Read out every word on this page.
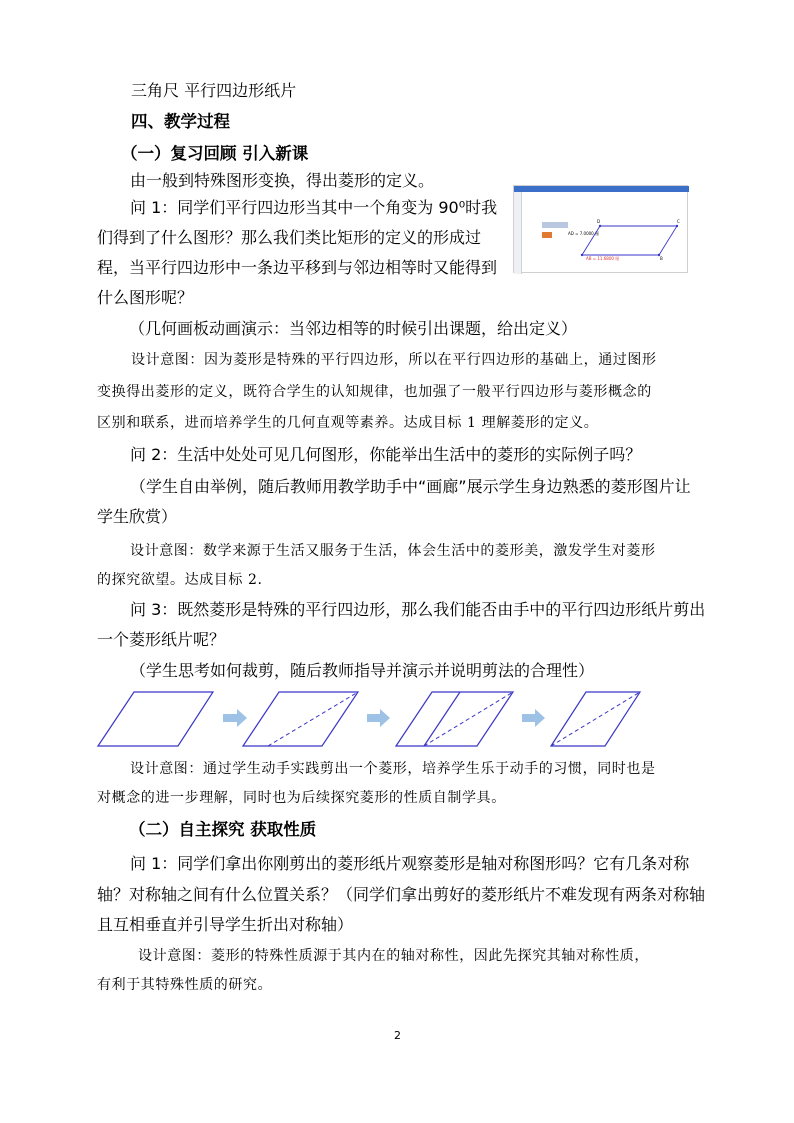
三角尺 平行四边形纸片
四、教学过程
（一）复习回顾 引入新课
由一般到特殊图形变换，得出菱形的定义。
问 1：同学们平行四边形当其中一个角变为 90⁰时我
们得到了什么图形？那么我们类比矩形的定义的形成过
程，当平行四边形中一条边平移到与邻边相等时又能得到
什么图形呢？
（几何画板动画演示：当邻边相等的时候引出课题，给出定义）
设计意图：因为菱形是特殊的平行四边形，所以在平行四边形的基础上，通过图形
变换得出菱形的定义，既符合学生的认知规律，也加强了一般平行四边形与菱形概念的
区别和联系，进而培养学生的几何直观等素养。达成目标 1 理解菱形的定义。
问 2：生活中处处可见几何图形，你能举出生活中的菱形的实际例子吗？
（学生自由举例，随后教师用教学助手中“画廊”展示学生身边熟悉的菱形图片让
学生欣赏）
设计意图：数学来源于生活又服务于生活，体会生活中的菱形美，激发学生对菱形
的探究欲望。达成目标 2.
问 3：既然菱形是特殊的平行四边形，那么我们能否由手中的平行四边形纸片剪出
一个菱形纸片呢？
（学生思考如何裁剪，随后教师指导并演示并说明剪法的合理性）
设计意图：通过学生动手实践剪出一个菱形，培养学生乐于动手的习惯，同时也是
对概念的进一步理解，同时也为后续探究菱形的性质自制学具。
（二）自主探究 获取性质
问 1：同学们拿出你刚剪出的菱形纸片观察菱形是轴对称图形吗？它有几条对称
轴？对称轴之间有什么位置关系？（同学们拿出剪好的菱形纸片不难发现有两条对称轴
且互相垂直并引导学生折出对称轴）
设计意图：菱形的特殊性质源于其内在的轴对称性，因此先探究其轴对称性质，
有利于其特殊性质的研究。
D	C
B
AD = 7.0000 厘
AB = 11.6800 厘
2
